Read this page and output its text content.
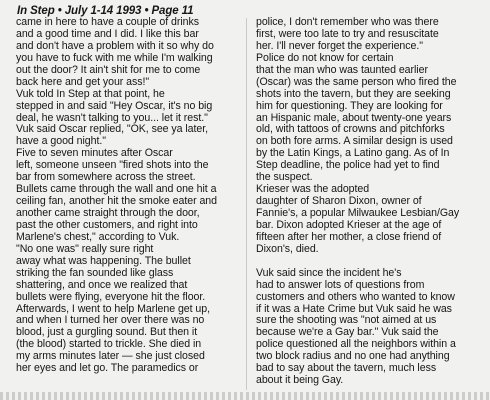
In Step • July 1-14 1993 • Page 11
came in here to have a couple of drinks
and a good time and I did. I like this bar
and don't have a problem with it so why do
you have to fuck with me while I'm walking
out the door? It ain't shit for me to come
back here and get your ass!"
Vuk told In Step at that point, he
stepped in and said "Hey Oscar, it's no big
deal, he wasn't talking to you... let it rest."
Vuk said Oscar replied, "OK, see ya later,
have a good night."
Five to seven minutes after Oscar
left, someone unseen "fired shots into the
bar from somewhere across the street.
Bullets came through the wall and one hit a
ceiling fan, another hit the smoke eater and
another came straight through the door,
past the other customers, and right into
Marlene's chest," according to Vuk.
"No one was" really sure right
away what was happening. The bullet
striking the fan sounded like glass
shattering, and once we realized that
bullets were flying, everyone hit the floor.
Afterwards, I went to help Marlene get up,
and when I turned her over there was no
blood, just a gurgling sound. But then it
(the blood) started to trickle. She died in
my arms minutes later — she just closed
her eyes and let go. The paramedics or
police, I don't remember who was there
first, were too late to try and resuscitate
her. I'll never forget the experience."
Police do not know for certain
that the man who was taunted earlier
(Oscar) was the same person who fired the
shots into the tavern, but they are seeking
him for questioning. They are looking for
an Hispanic male, about twenty-one years
old, with tattoos of crowns and pitchforks
on both fore arms. A similar design is used
by the Latin Kings, a Latino gang. As of In
Step deadline, the police had yet to find
the suspect.
Krieser was the adopted
daughter of Sharon Dixon, owner of
Fannie's, a popular Milwaukee Lesbian/Gay
bar. Dixon adopted Krieser at the age of
fifteen after her mother, a close friend of
Dixon's, died.
Vuk said since the incident he's
had to answer lots of questions from
customers and others who wanted to know
if it was a Hate Crime but Vuk said he was
sure the shooting was "not aimed at us
because we're a Gay bar." Vuk said the
police questioned all the neighbors within a
two block radius and no one had anything
bad to say about the tavern, much less
about it being Gay.
